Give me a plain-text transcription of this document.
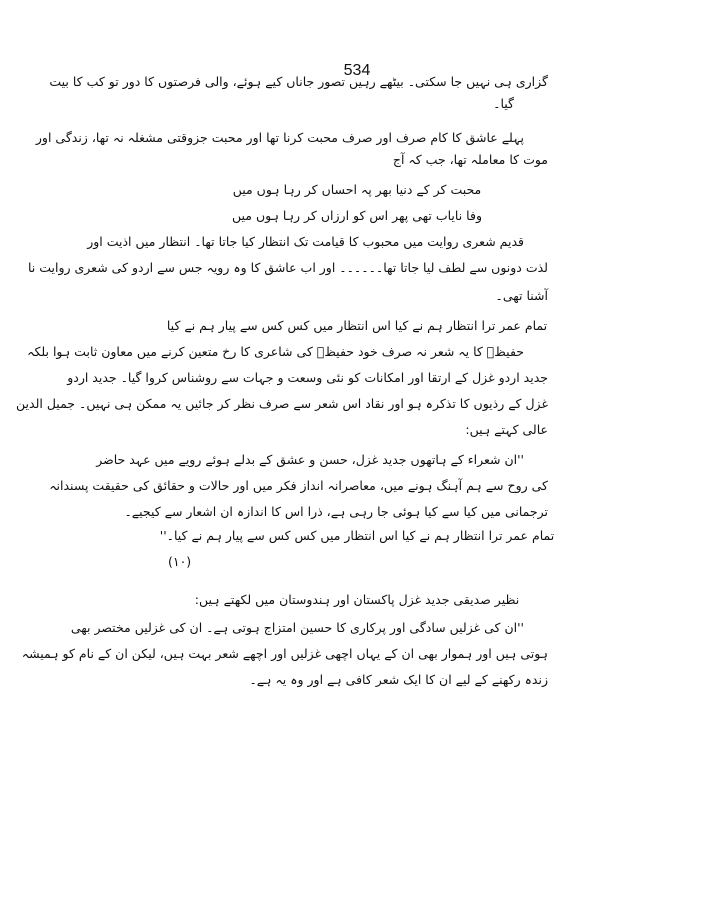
534
گزاری ہی نہیں جا سکتی۔ بیٹھے رہیں تصور جاناں کیے ہوئے، والی فرصتوں کا دور تو کب کا بیت
گیا۔
پہلے عاشق کا کام صرف اور صرف محبت کرنا تھا اور محبت جزوقتی مشغلہ نہ تھا، زندگی اور
موت کا معاملہ تھا، جب کہ آج
محبت کر کے دنیا بھر پہ احساں کر رہا ہوں میں
وفا نایاب تھی پھر اس کو ارزاں کر رہا ہوں میں
قدیم شعری روایت میں محبوب کا قیامت تک انتظار کیا جاتا تھا۔ انتظار میں اذیت اور
لذت دونوں سے لطف لیا جاتا تھا۔۔۔۔۔۔ اور اب عاشق کا وہ رویہ جس سے اردو کی شعری روایت نا
آشنا تھی۔
تمام عمر ترا انتظار ہم نے کیا اس انتظار میں کس کس سے پیار ہم نے کیا
حفیظؔ کا یہ شعر نہ صرف خود حفیظؔ کی شاعری کا رخ متعین کرنے میں معاون ثابت ہوا بلکہ
جدید اردو غزل کے ارتقا اور امکانات کو نئی وسعت و جہات سے روشناس کروا گیا۔ جدید اردو
غزل کے رذیوں کا تذکرہ ہو اور نقاد اس شعر سے صرف نظر کر جائیں یہ ممکن ہی نہیں۔ جمیل الدین
عالی کہتے ہیں:
''ان شعراء کے ہاتھوں جدید غزل، حسن و عشق کے بدلے ہوئے رویے میں عہد حاضر
کی روح سے ہم آہنگ ہونے میں، معاصرانہ انداز فکر میں اور حالات و حقائق کی حقیقت پسندانہ
ترجمانی میں کیا سے کیا ہوئی جا رہی ہے، ذرا اس کا اندازہ ان اشعار سے کیجیے۔
تمام عمر ترا انتظار ہم نے کیا اس انتظار میں کس کس سے پیار ہم نے کیا۔''
(۱۰)
نظیر صدیقی جدید غزل پاکستان اور ہندوستان میں لکھتے ہیں:
''ان کی غزلیں سادگی اور پرکاری کا حسین امتزاج ہوتی ہے۔ ان کی غزلیں مختصر بھی
ہوتی ہیں اور ہموار بھی ان کے یہاں اچھی غزلیں اور اچھے شعر بہت ہیں، لیکن ان کے نام کو ہمیشہ
زندہ رکھنے کے لیے ان کا ایک شعر کافی ہے اور وہ یہ ہے۔
